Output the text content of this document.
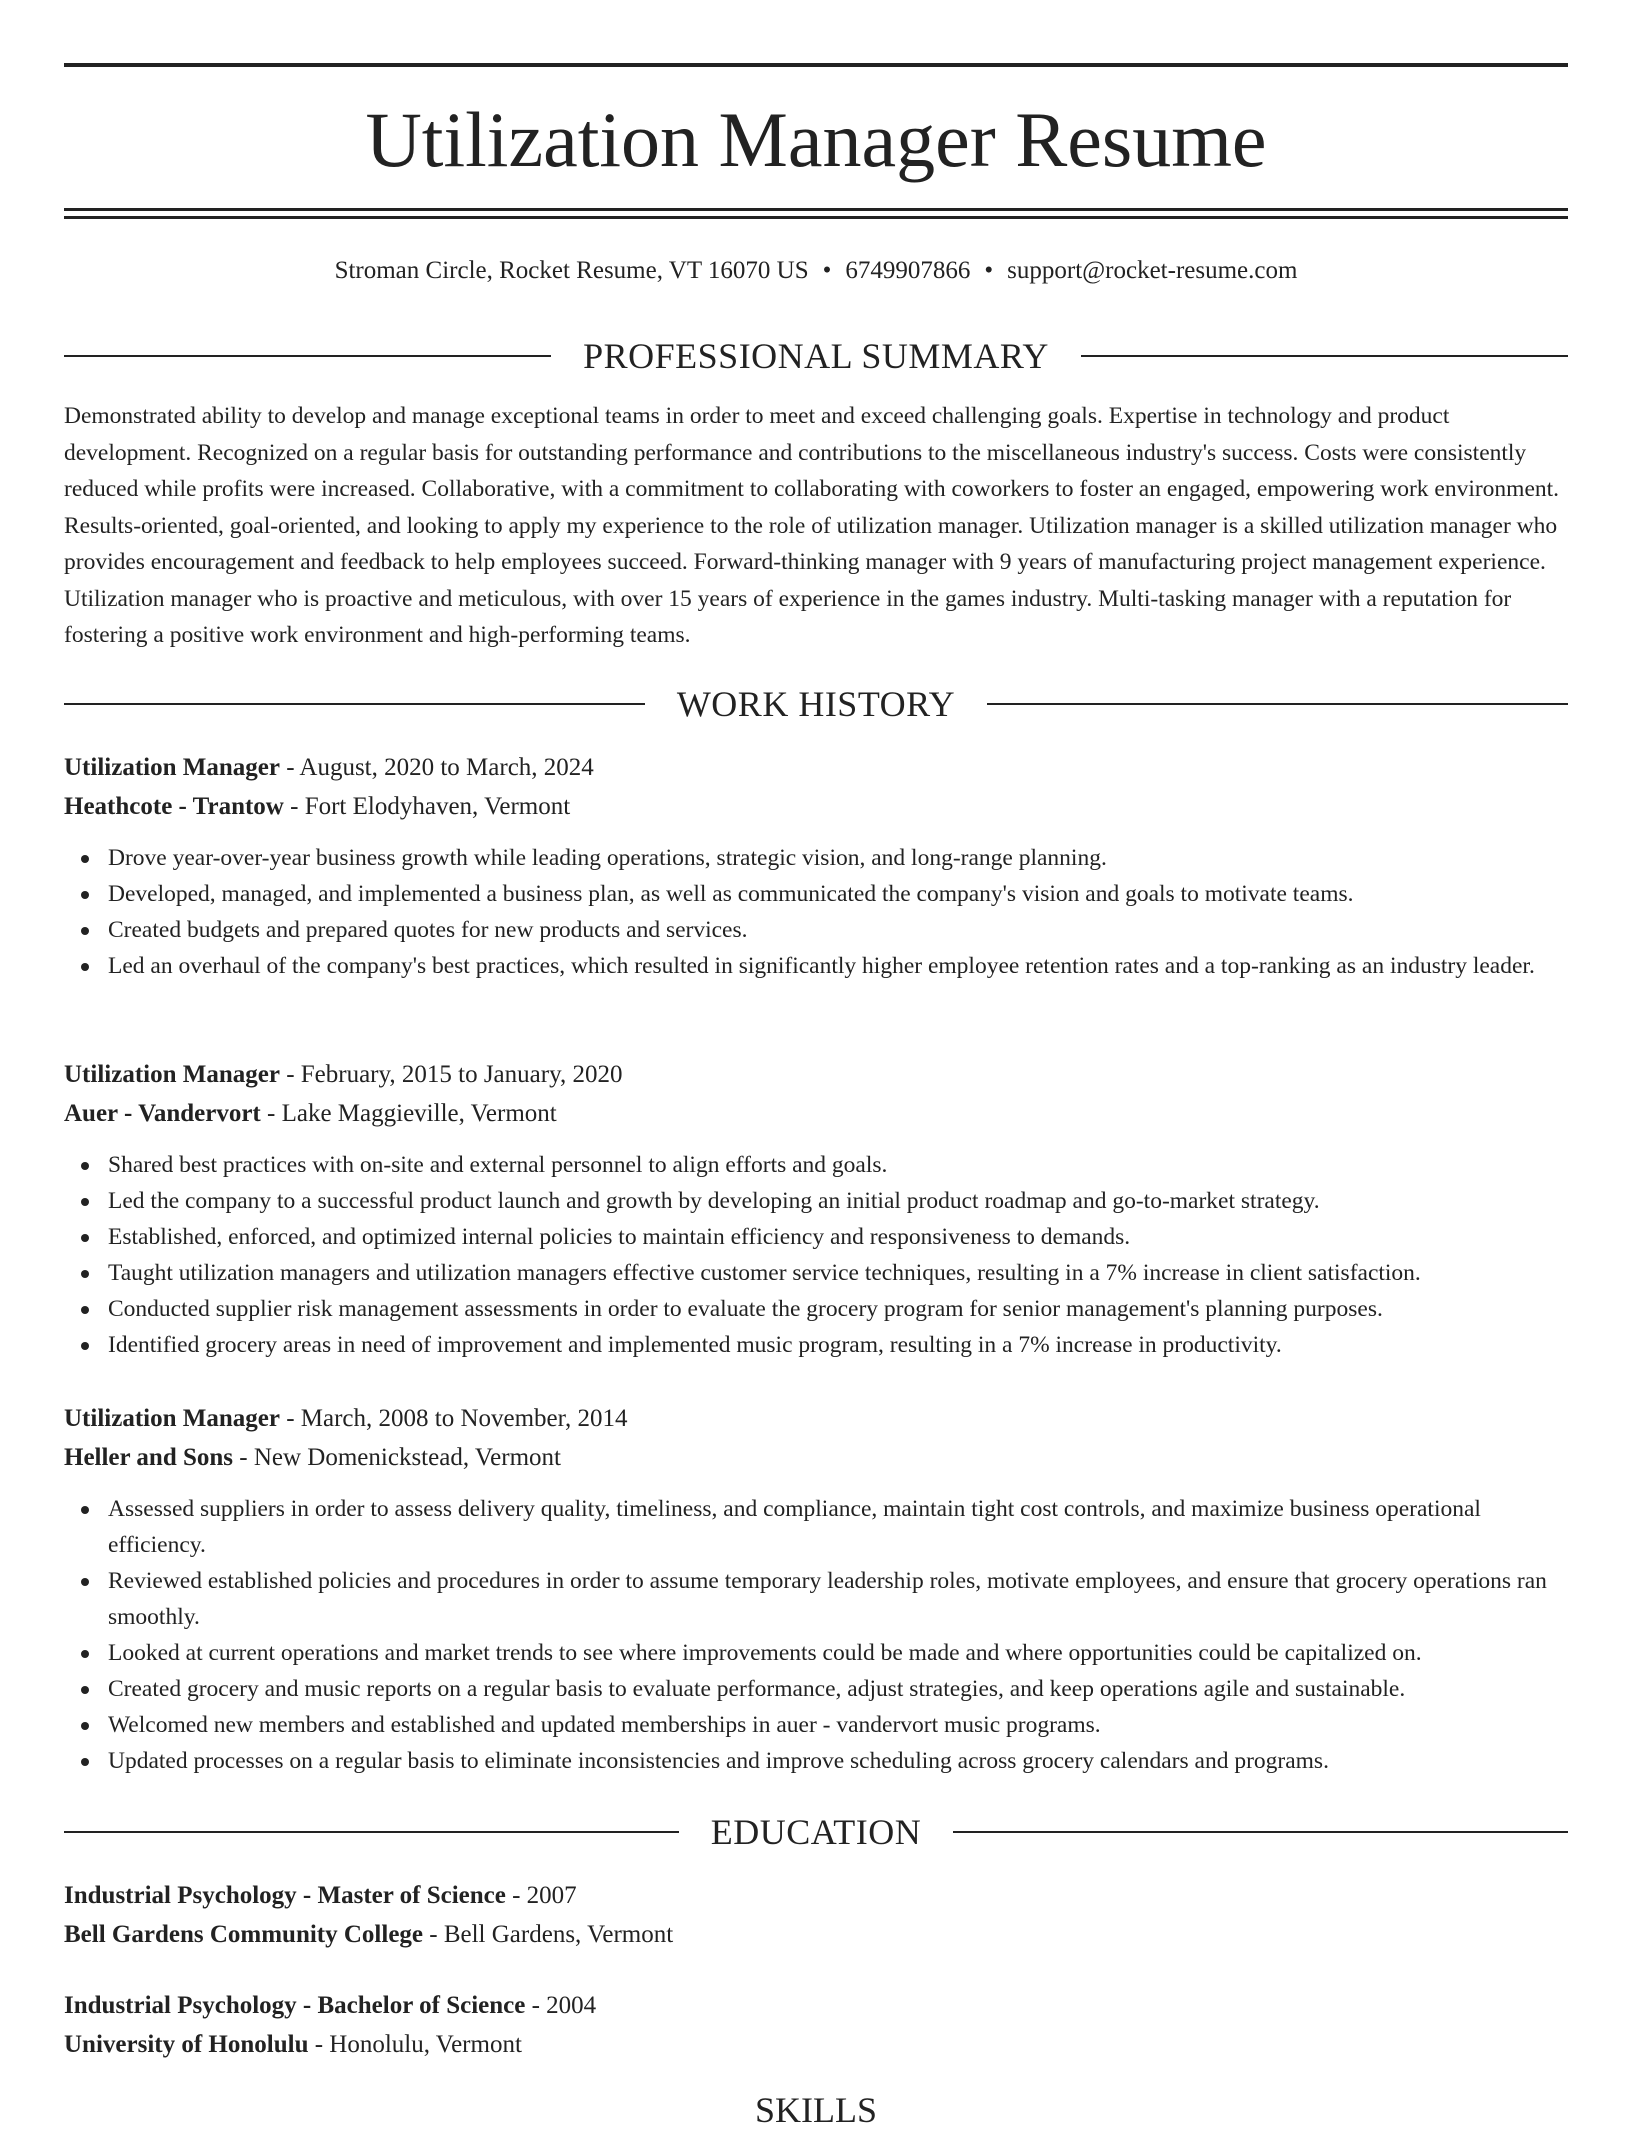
Utilization Manager Resume
Stroman Circle, Rocket Resume, VT 16070 US • 6749907866 • support@rocket-resume.com
PROFESSIONAL SUMMARY

Demonstrated ability to develop and manage exceptional teams in order to meet and exceed challenging goals. Expertise in technology and product development. Recognized on a regular basis for outstanding performance and contributions to the miscellaneous industry's success. Costs were consistently reduced while profits were increased. Collaborative, with a commitment to collaborating with coworkers to foster an engaged, empowering work environment. Results-oriented, goal-oriented, and looking to apply my experience to the role of utilization manager. Utilization manager is a skilled utilization manager who provides encouragement and feedback to help employees succeed. Forward-thinking manager with 9 years of manufacturing project management experience. Utilization manager who is proactive and meticulous, with over 15 years of experience in the games industry. Multi-tasking manager with a reputation for fostering a positive work environment and high-performing teams.

WORK HISTORY
Utilization Manager - August, 2020 to March, 2024
Heathcote - Trantow - Fort Elodyhaven, Vermont
Drove year-over-year business growth while leading operations, strategic vision, and long-range planning.
Developed, managed, and implemented a business plan, as well as communicated the company's vision and goals to motivate teams.
Created budgets and prepared quotes for new products and services.
Led an overhaul of the company's best practices, which resulted in significantly higher employee retention rates and a top-ranking as an industry leader.
Utilization Manager - February, 2015 to January, 2020
Auer - Vandervort - Lake Maggieville, Vermont
Shared best practices with on-site and external personnel to align efforts and goals.
Led the company to a successful product launch and growth by developing an initial product roadmap and go-to-market strategy.
Established, enforced, and optimized internal policies to maintain efficiency and responsiveness to demands.
Taught utilization managers and utilization managers effective customer service techniques, resulting in a 7% increase in client satisfaction.
Conducted supplier risk management assessments in order to evaluate the grocery program for senior management's planning purposes.
Identified grocery areas in need of improvement and implemented music program, resulting in a 7% increase in productivity.
Utilization Manager - March, 2008 to November, 2014
Heller and Sons - New Domenickstead, Vermont
Assessed suppliers in order to assess delivery quality, timeliness, and compliance, maintain tight cost controls, and maximize business operational efficiency.
Reviewed established policies and procedures in order to assume temporary leadership roles, motivate employees, and ensure that grocery operations ran smoothly.
Looked at current operations and market trends to see where improvements could be made and where opportunities could be capitalized on.
Created grocery and music reports on a regular basis to evaluate performance, adjust strategies, and keep operations agile and sustainable.
Welcomed new members and established and updated memberships in auer - vandervort music programs.
Updated processes on a regular basis to eliminate inconsistencies and improve scheduling across grocery calendars and programs.
EDUCATION
Industrial Psychology - Master of Science - 2007
Bell Gardens Community College - Bell Gardens, Vermont
Industrial Psychology - Bachelor of Science - 2004
University of Honolulu - Honolulu, Vermont
SKILLS
